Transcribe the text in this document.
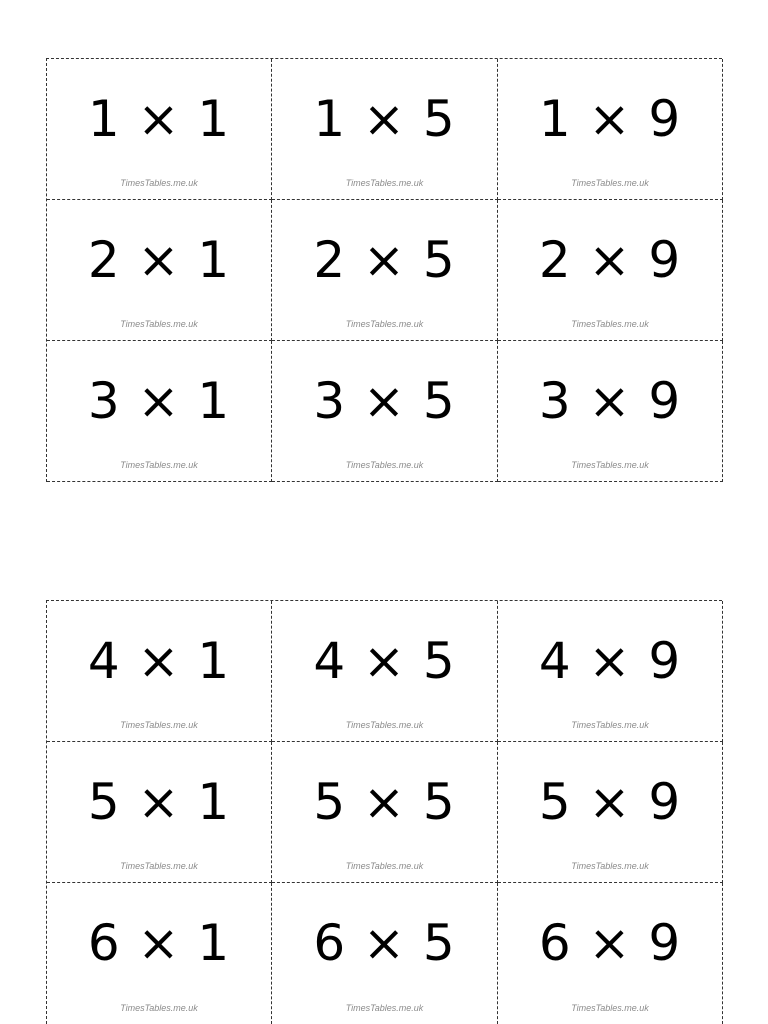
1 × 1
TimesTables.me.uk
1 × 5
TimesTables.me.uk
1 × 9
TimesTables.me.uk
2 × 1
TimesTables.me.uk
2 × 5
TimesTables.me.uk
2 × 9
TimesTables.me.uk
3 × 1
TimesTables.me.uk
3 × 5
TimesTables.me.uk
3 × 9
TimesTables.me.uk
4 × 1
TimesTables.me.uk
4 × 5
TimesTables.me.uk
4 × 9
TimesTables.me.uk
5 × 1
TimesTables.me.uk
5 × 5
TimesTables.me.uk
5 × 9
TimesTables.me.uk
6 × 1
TimesTables.me.uk
6 × 5
TimesTables.me.uk
6 × 9
TimesTables.me.uk
